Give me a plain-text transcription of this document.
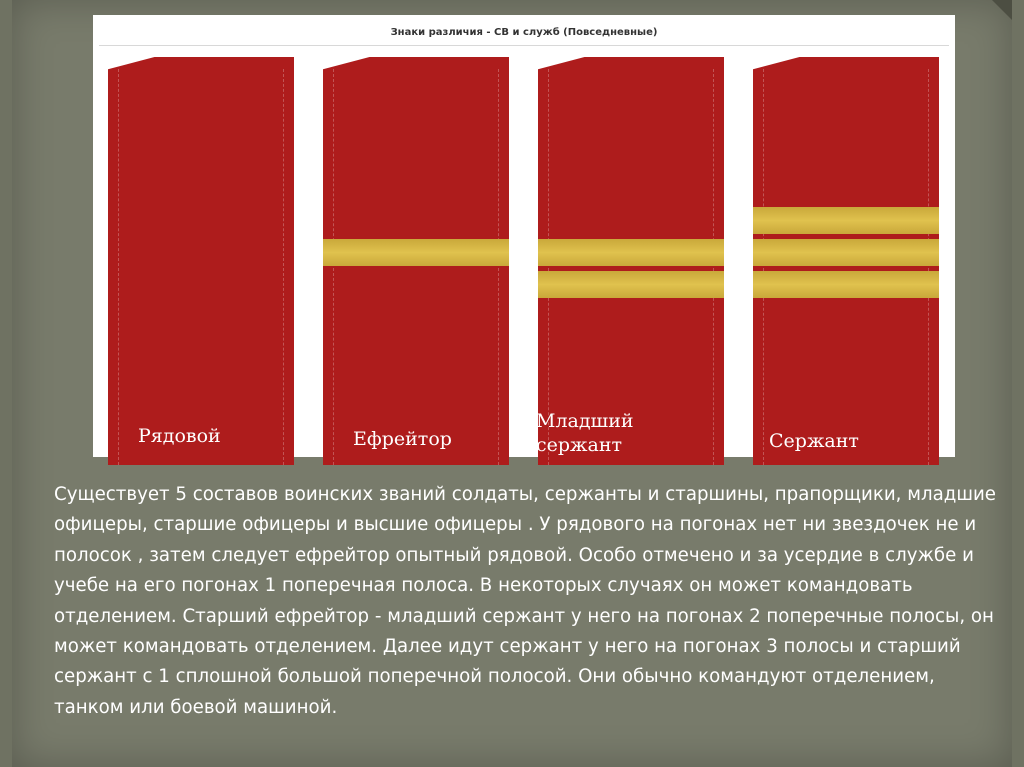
Знаки различия - СВ и служб (Повседневные)
Рядовой	Ефрейтор
Младший сержант	Сержант

Существует 5 составов воинских званий солдаты, сержанты и старшины, прапорщики, младшие офицеры, старшие офицеры и высшие офицеры . У рядового на погонах нет ни звездочек не и полосок , затем следует ефрейтор опытный рядовой. Особо отмечено и за усердие в службе и учебе на его погонах 1 поперечная полоса. В некоторых случаях он может командовать отделением. Старший ефрейтор - младший сержант у него на погонах 2 поперечные полосы, он может командовать отделением. Далее идут сержант у него на погонах 3 полосы и старший сержант с 1 сплошной большой поперечной полосой. Они обычно командуют отделением, танком или боевой машиной.
